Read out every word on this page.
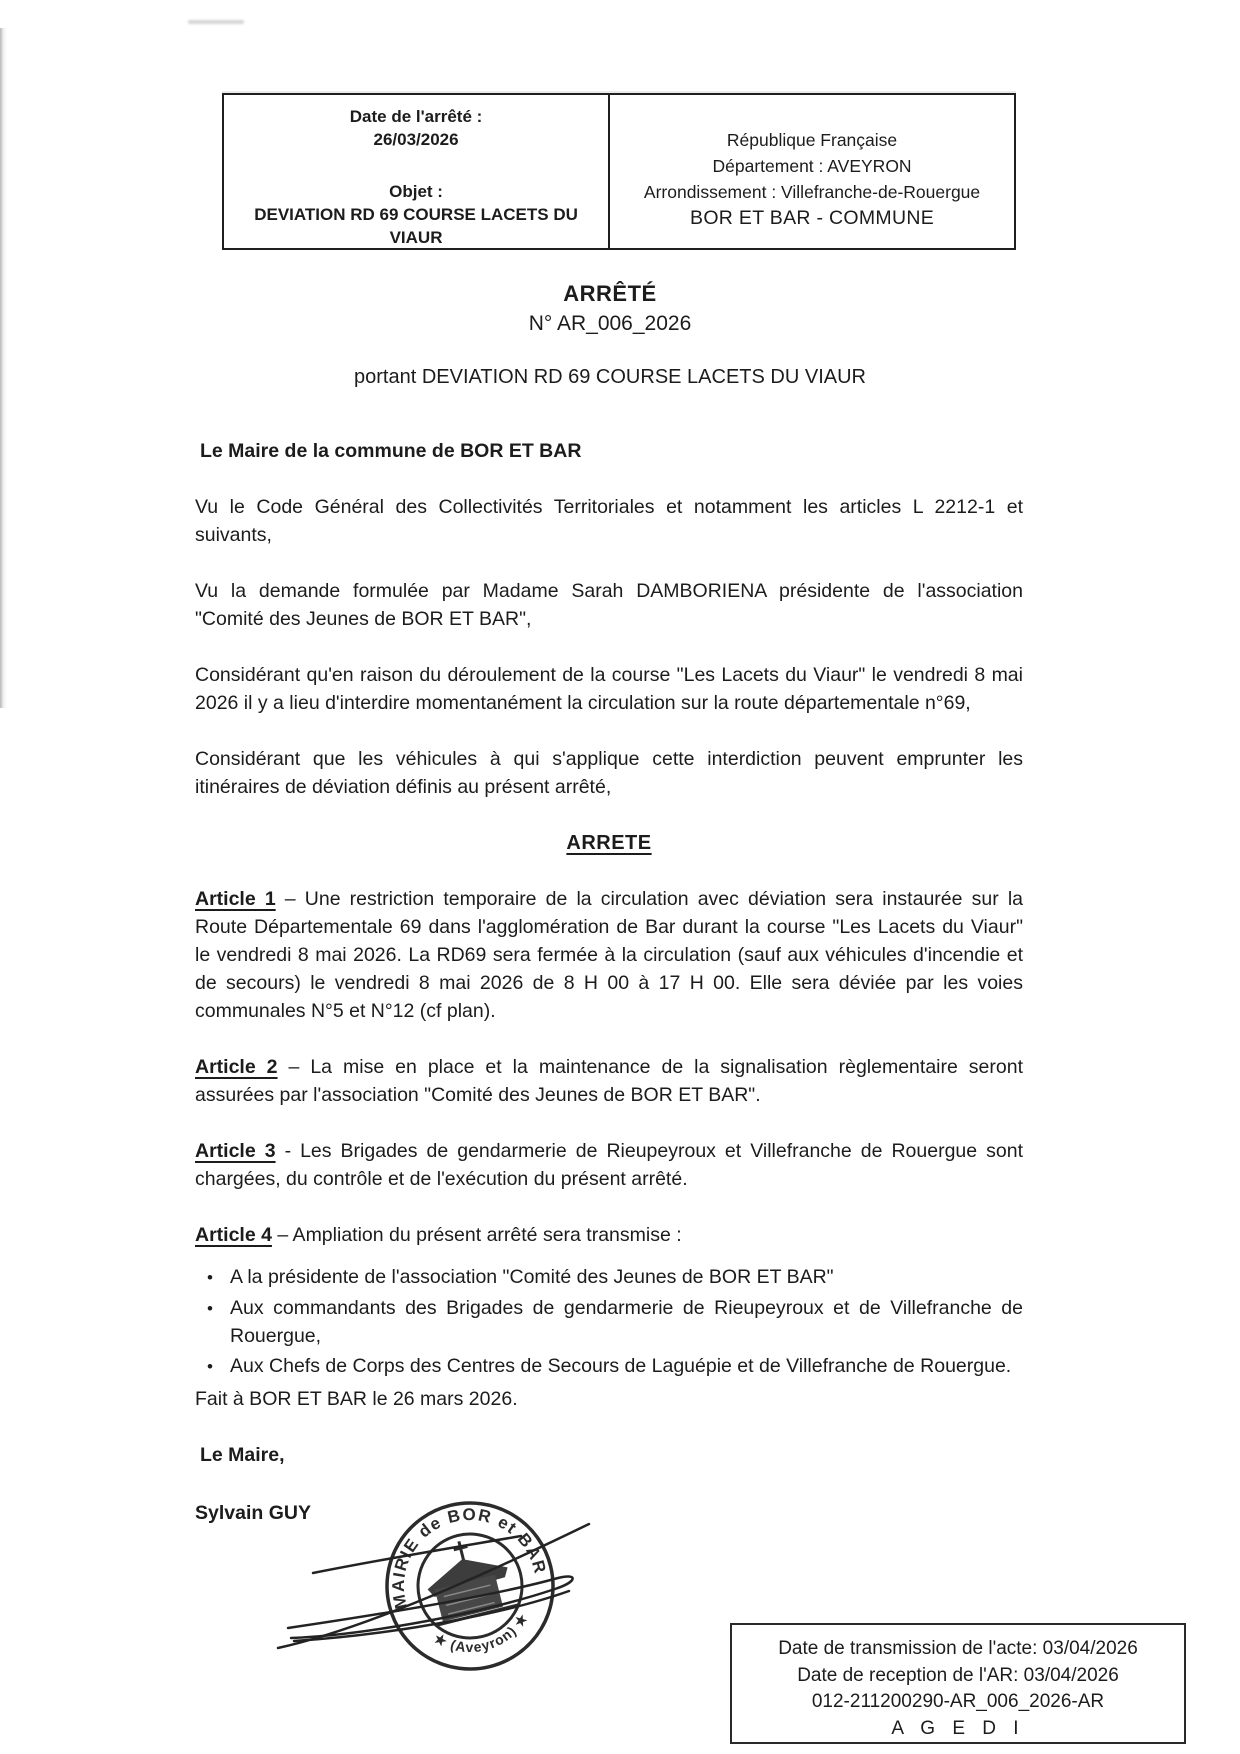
Date de l'arrêté :
26/03/2026
Objet :
DEVIATION RD 69 COURSE LACETS DU VIAUR
République Française
Département : AVEYRON
Arrondissement : Villefranche-de-Rouergue
BOR ET BAR - COMMUNE
ARRÊTÉ
N° AR_006_2026
portant DEVIATION RD 69 COURSE LACETS DU VIAUR

Le Maire de la commune de BOR ET BAR

Vu le Code Général des Collectivités Territoriales et notamment les articles L 2212-1 et suivants,

Vu la demande formulée par Madame Sarah DAMBORIENA présidente de l'association "Comité des Jeunes de BOR ET BAR",

Considérant qu'en raison du déroulement de la course "Les Lacets du Viaur" le vendredi 8 mai 2026 il y a lieu d'interdire momentanément la circulation sur la route départementale n°69,

Considérant que les véhicules à qui s'applique cette interdiction peuvent emprunter les itinéraires de déviation définis au présent arrêté,

ARRETE

Article 1 – Une restriction temporaire de la circulation avec déviation sera instaurée sur la Route Départementale 69 dans l'agglomération de Bar durant la course "Les Lacets du Viaur" le vendredi 8 mai 2026. La RD69 sera fermée à la circulation (sauf aux véhicules d'incendie et de secours) le vendredi 8 mai 2026 de 8 H 00 à 17 H 00. Elle sera déviée par les voies communales N°5 et N°12 (cf plan).

Article 2 – La mise en place et la maintenance de la signalisation règlementaire seront assurées par l'association "Comité des Jeunes de BOR ET BAR".

Article 3 - Les Brigades de gendarmerie de Rieupeyroux et Villefranche de Rouergue sont chargées, du contrôle et de l'exécution du présent arrêté.

Article 4 – Ampliation du présent arrêté sera transmise :

•
A la présidente de l'association "Comité des Jeunes de BOR ET BAR"
•
Aux commandants des Brigades de gendarmerie de Rieupeyroux et de Villefranche de Rouergue,
•
Aux Chefs de Corps des Centres de Secours de Laguépie et de Villefranche de Rouergue.

Fait à BOR ET BAR le 26 mars 2026.

Le Maire,

Sylvain GUY

MAIRIE de BOR et BAR
★ (Aveyron) ★
Date de transmission de l'acte: 03/04/2026
Date de reception de l'AR: 03/04/2026
012-211200290-AR_006_2026-AR
A G E D I
